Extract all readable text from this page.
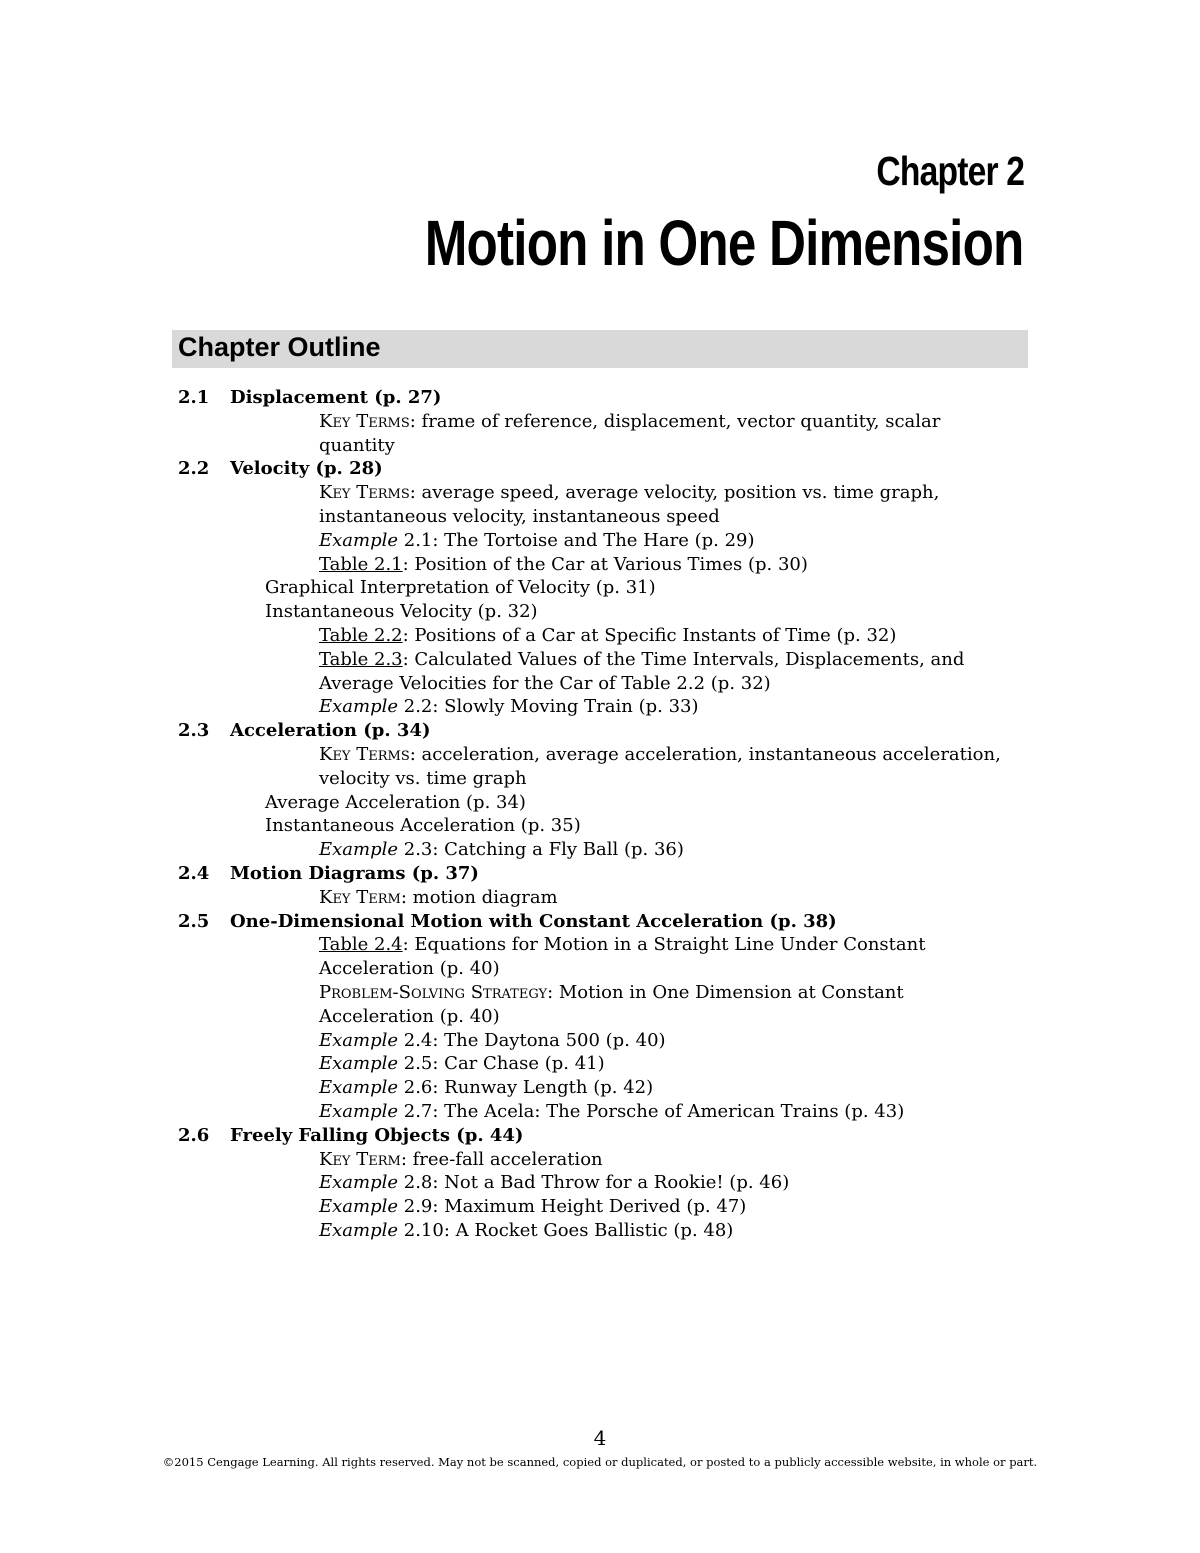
Chapter 2
Motion in One Dimension
Chapter Outline
2.1 Displacement (p. 27)
Key Terms: frame of reference, displacement, vector quantity, scalar
quantity
2.2 Velocity (p. 28)
Key Terms: average speed, average velocity, position vs. time graph,
instantaneous velocity, instantaneous speed
Example 2.1: The Tortoise and The Hare (p. 29)
Table 2.1: Position of the Car at Various Times (p. 30)
Graphical Interpretation of Velocity (p. 31)
Instantaneous Velocity (p. 32)
Table 2.2: Positions of a Car at Specific Instants of Time (p. 32)
Table 2.3: Calculated Values of the Time Intervals, Displacements, and
Average Velocities for the Car of Table 2.2 (p. 32)
Example 2.2: Slowly Moving Train (p. 33)
2.3 Acceleration (p. 34)
Key Terms: acceleration, average acceleration, instantaneous acceleration,
velocity vs. time graph
Average Acceleration (p. 34)
Instantaneous Acceleration (p. 35)
Example 2.3: Catching a Fly Ball (p. 36)
2.4 Motion Diagrams (p. 37)
Key Term: motion diagram
2.5 One-Dimensional Motion with Constant Acceleration (p. 38)
Table 2.4: Equations for Motion in a Straight Line Under Constant
Acceleration (p. 40)
Problem-Solving Strategy: Motion in One Dimension at Constant
Acceleration (p. 40)
Example 2.4: The Daytona 500 (p. 40)
Example 2.5: Car Chase (p. 41)
Example 2.6: Runway Length (p. 42)
Example 2.7: The Acela: The Porsche of American Trains (p. 43)
2.6 Freely Falling Objects (p. 44)
Key Term: free-fall acceleration
Example 2.8: Not a Bad Throw for a Rookie! (p. 46)
Example 2.9: Maximum Height Derived (p. 47)
Example 2.10: A Rocket Goes Ballistic (p. 48)
4
©2015 Cengage Learning. All rights reserved. May not be scanned, copied or duplicated, or posted to a publicly accessible website, in whole or part.
